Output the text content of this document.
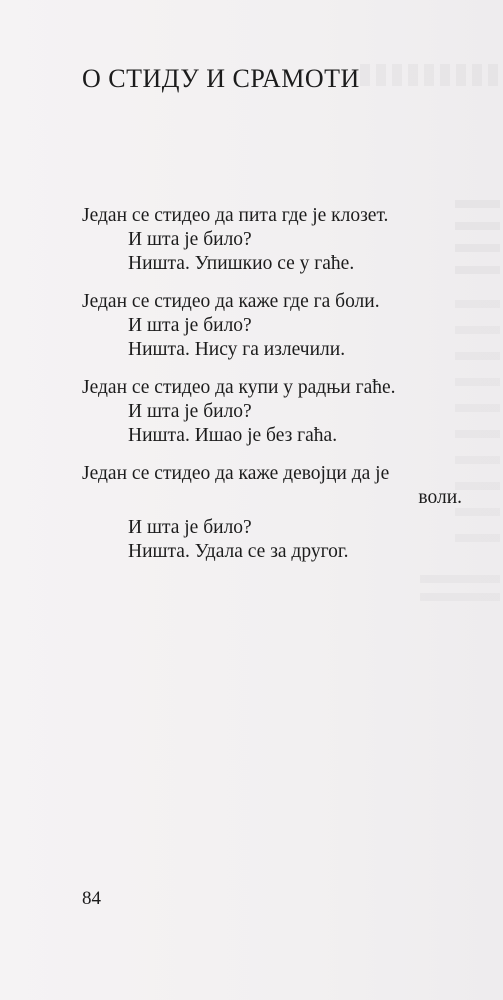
О СТИДУ И СРАМОТИ
Један се стидео да пита где је клозет.
И шта је било?
Ништа. Упишкио се у гаће.
Један се стидео да каже где га боли.
И шта је било?
Ништа. Нису га излечили.
Један се стидео да купи у радњи гаће.
И шта је било?
Ништа. Ишао је без гаћа.
Један се стидео да каже девојци да је
воли.
И шта је било?
Ништа. Удала се за другог.
84
